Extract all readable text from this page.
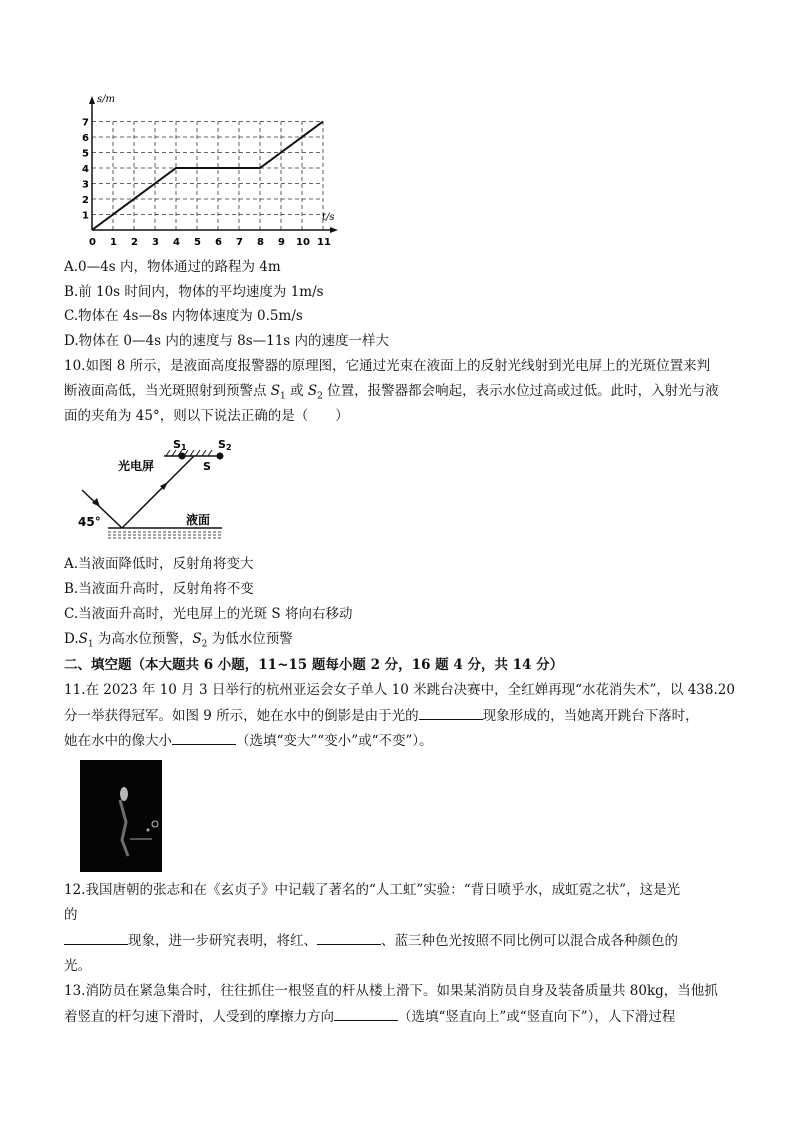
0 1 2 3 4 5 6 7 8 9 10 11
1
2
3
4
5
6
7
s/m
t/s
A.0—4s 内，物体通过的路程为 4m
B.前 10s 时间内，物体的平均速度为 1m/s
C.物体在 4s—8s 内物体速度为 0.5m/s
D.物体在 0—4s 内的速度与 8s—11s 内的速度一样大
10.如图 8 所示，是液面高度报警器的原理图，它通过光束在液面上的反射光线射到光电屏上的光斑位置来判
断液面高低，当光斑照射到预警点 $S_1$ 或 $S_2$ 位置，报警器都会响起，表示水位过高或过低。此时，入射光与液
面的夹角为 45°，则以下说法正确的是（　　）
光电屏
S1	S2
S
45°	液面
A.当液面降低时，反射角将变大
B.当液面升高时，反射角将不变
C.当液面升高时，光电屏上的光斑 S 将向右移动
$D.S_1$ 为高水位预警，$S_2$ 为低水位预警
二、填空题（本大题共 6 小题，11~15 题每小题 2 分，16 题 4 分，共 14 分）
11.在 2023 年 10 月 3 日举行的杭州亚运会女子单人 10 米跳台决赛中，全红婵再现“水花消失术”，以 438.20
分一举获得冠军。如图 9 所示，她在水中的倒影是由于光的	现象形成的，当她离开跳台下落时，
她在水中的像大小	（选填“变大”“变小”或“不变”）。
12.我国唐朝的张志和在《玄贞子》中记载了著名的“人工虹”实验：“背日喷乎水，成虹霓之状”，这是光
的
现象，进一步研究表明，将红、	、蓝三种色光按照不同比例可以混合成各种颜色的
光。
13.消防员在紧急集合时，往往抓住一根竖直的杆从楼上滑下。如果某消防员自身及装备质量共 80kg，当他抓
着竖直的杆匀速下滑时，人受到的摩擦力方向	（选填“竖直向上”或“竖直向下”），人下滑过程
